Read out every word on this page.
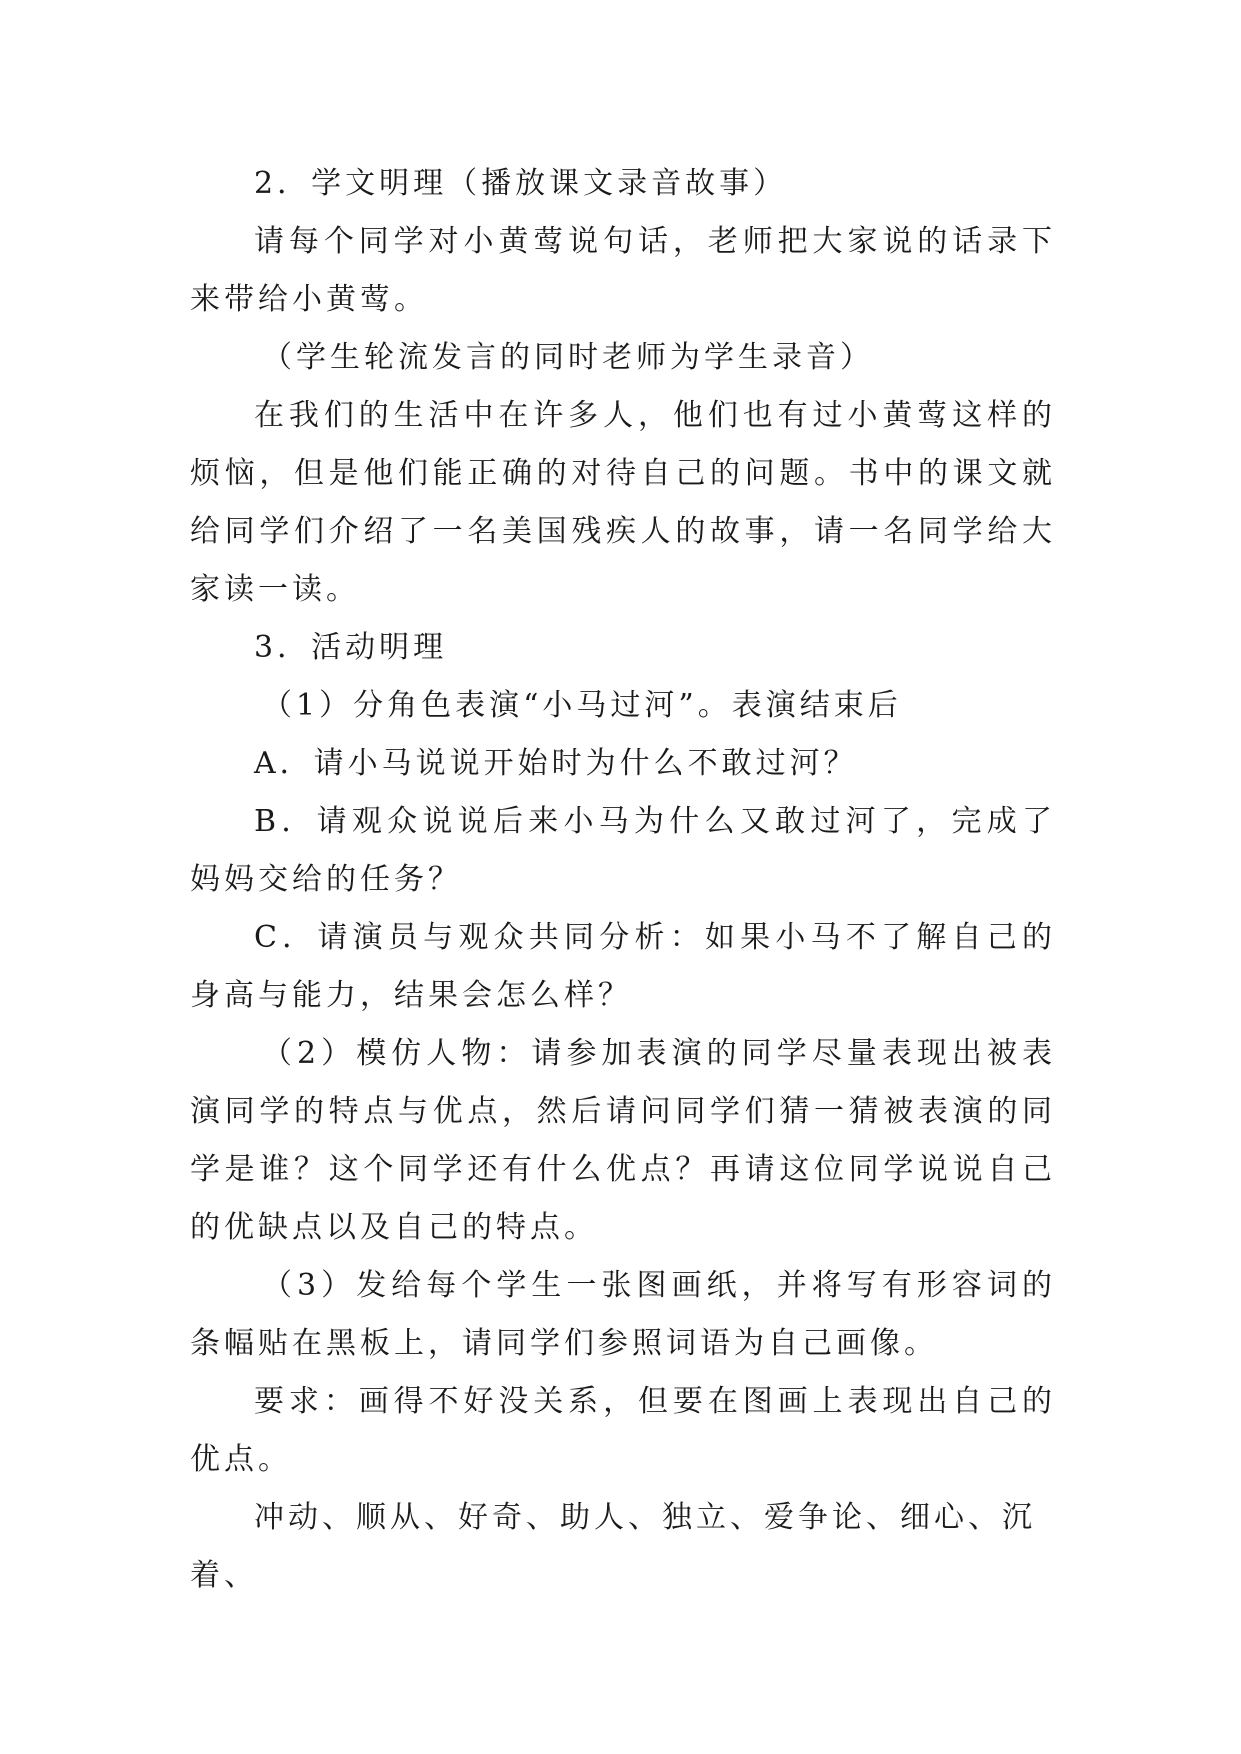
2．学文明理（播放课文录音故事）

请每个同学对小黄莺说句话，老师把大家说的话录下来带给小黄莺。

（学生轮流发言的同时老师为学生录音）

在我们的生活中在许多人，他们也有过小黄莺这样的烦恼，但是他们能正确的对待自己的问题。书中的课文就给同学们介绍了一名美国残疾人的故事，请一名同学给大家读一读。

3．活动明理

（1）分角色表演“小马过河”。表演结束后

A．请小马说说开始时为什么不敢过河？

B．请观众说说后来小马为什么又敢过河了，完成了妈妈交给的任务？

C．请演员与观众共同分析：如果小马不了解自己的身高与能力，结果会怎么样？

（2）模仿人物：请参加表演的同学尽量表现出被表演同学的特点与优点，然后请问同学们猜一猜被表演的同学是谁？这个同学还有什么优点？再请这位同学说说自己的优缺点以及自己的特点。

（3）发给每个学生一张图画纸，并将写有形容词的条幅贴在黑板上，请同学们参照词语为自己画像。

要求：画得不好没关系，但要在图画上表现出自己的优点。

冲动、顺从、好奇、助人、独立、爱争论、细心、沉着、
